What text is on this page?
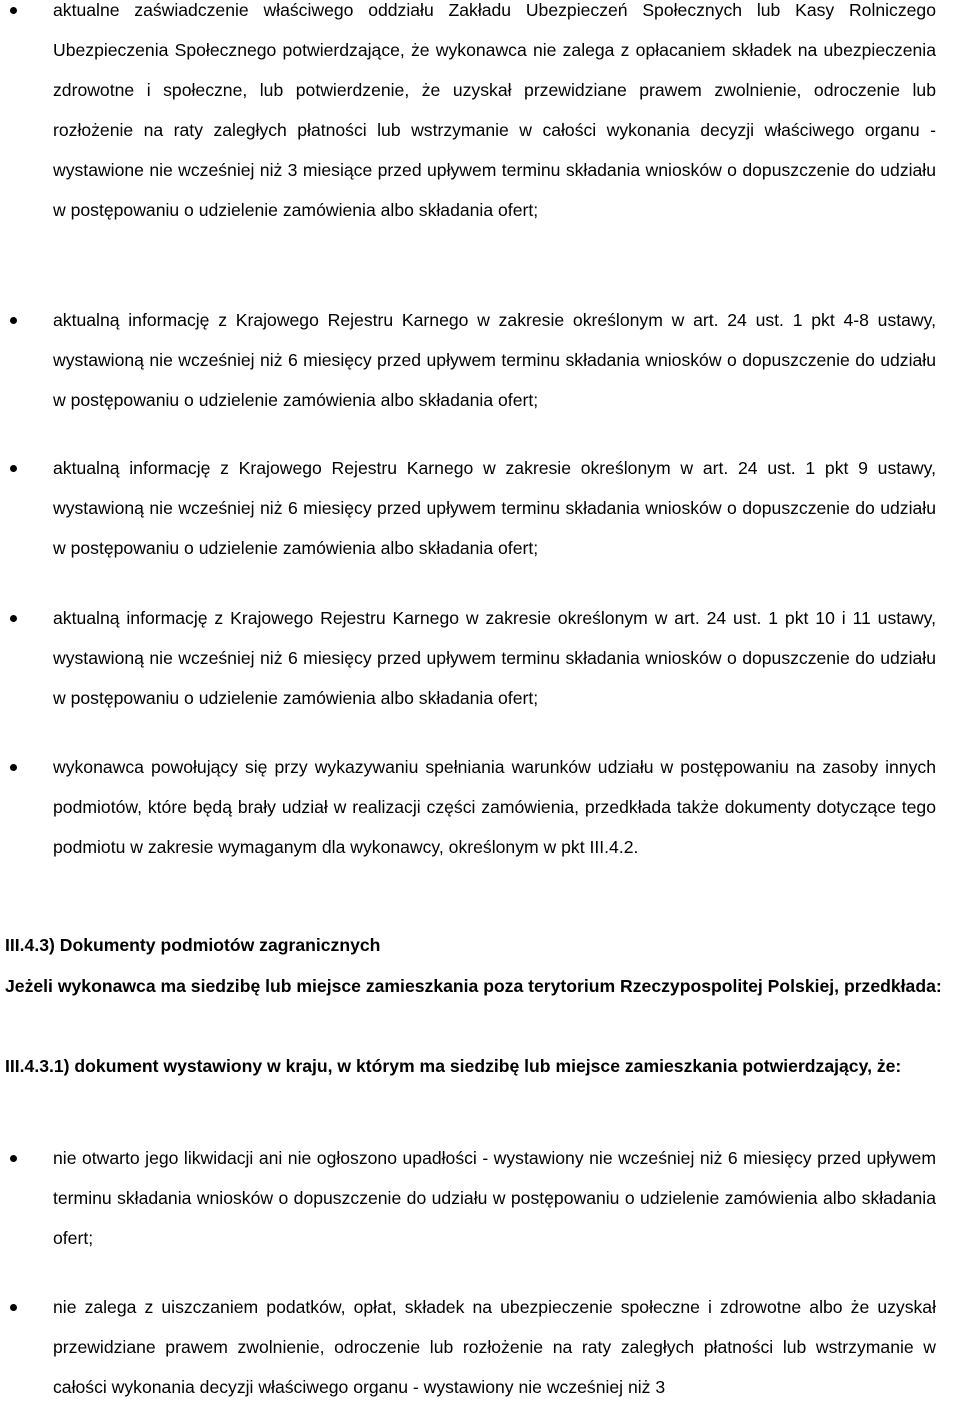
aktualne zaświadczenie właściwego oddziału Zakładu Ubezpieczeń Społecznych lub Kasy Rolniczego Ubezpieczenia Społecznego potwierdzające, że wykonawca nie zalega z opłacaniem składek na ubezpieczenia zdrowotne i społeczne, lub potwierdzenie, że uzyskał przewidziane prawem zwolnienie, odroczenie lub rozłożenie na raty zaległych płatności lub wstrzymanie w całości wykonania decyzji właściwego organu - wystawione nie wcześniej niż 3 miesiące przed upływem terminu składania wniosków o dopuszczenie do udziału w postępowaniu o udzielenie zamówienia albo składania ofert;

aktualną informację z Krajowego Rejestru Karnego w zakresie określonym w art. 24 ust. 1 pkt 4-8 ustawy, wystawioną nie wcześniej niż 6 miesięcy przed upływem terminu składania wniosków o dopuszczenie do udziału w postępowaniu o udzielenie zamówienia albo składania ofert;

aktualną informację z Krajowego Rejestru Karnego w zakresie określonym w art. 24 ust. 1 pkt 9 ustawy, wystawioną nie wcześniej niż 6 miesięcy przed upływem terminu składania wniosków o dopuszczenie do udziału w postępowaniu o udzielenie zamówienia albo składania ofert;

aktualną informację z Krajowego Rejestru Karnego w zakresie określonym w art. 24 ust. 1 pkt 10 i 11 ustawy, wystawioną nie wcześniej niż 6 miesięcy przed upływem terminu składania wniosków o dopuszczenie do udziału w postępowaniu o udzielenie zamówienia albo składania ofert;

wykonawca powołujący się przy wykazywaniu spełniania warunków udziału w postępowaniu na zasoby innych podmiotów, które będą brały udział w realizacji części zamówienia, przedkłada także dokumenty dotyczące tego podmiotu w zakresie wymaganym dla wykonawcy, określonym w pkt III.4.2.

III.4.3) Dokumenty podmiotów zagranicznych

Jeżeli wykonawca ma siedzibę lub miejsce zamieszkania poza terytorium Rzeczypospolitej Polskiej, przedkłada:

III.4.3.1) dokument wystawiony w kraju, w którym ma siedzibę lub miejsce zamieszkania potwierdzający, że:

nie otwarto jego likwidacji ani nie ogłoszono upadłości - wystawiony nie wcześniej niż 6 miesięcy przed upływem terminu składania wniosków o dopuszczenie do udziału w postępowaniu o udzielenie zamówienia albo składania ofert;

nie zalega z uiszczaniem podatków, opłat, składek na ubezpieczenie społeczne i zdrowotne albo że uzyskał przewidziane prawem zwolnienie, odroczenie lub rozłożenie na raty zaległych płatności lub wstrzymanie w całości wykonania decyzji właściwego organu - wystawiony nie wcześniej niż 3
